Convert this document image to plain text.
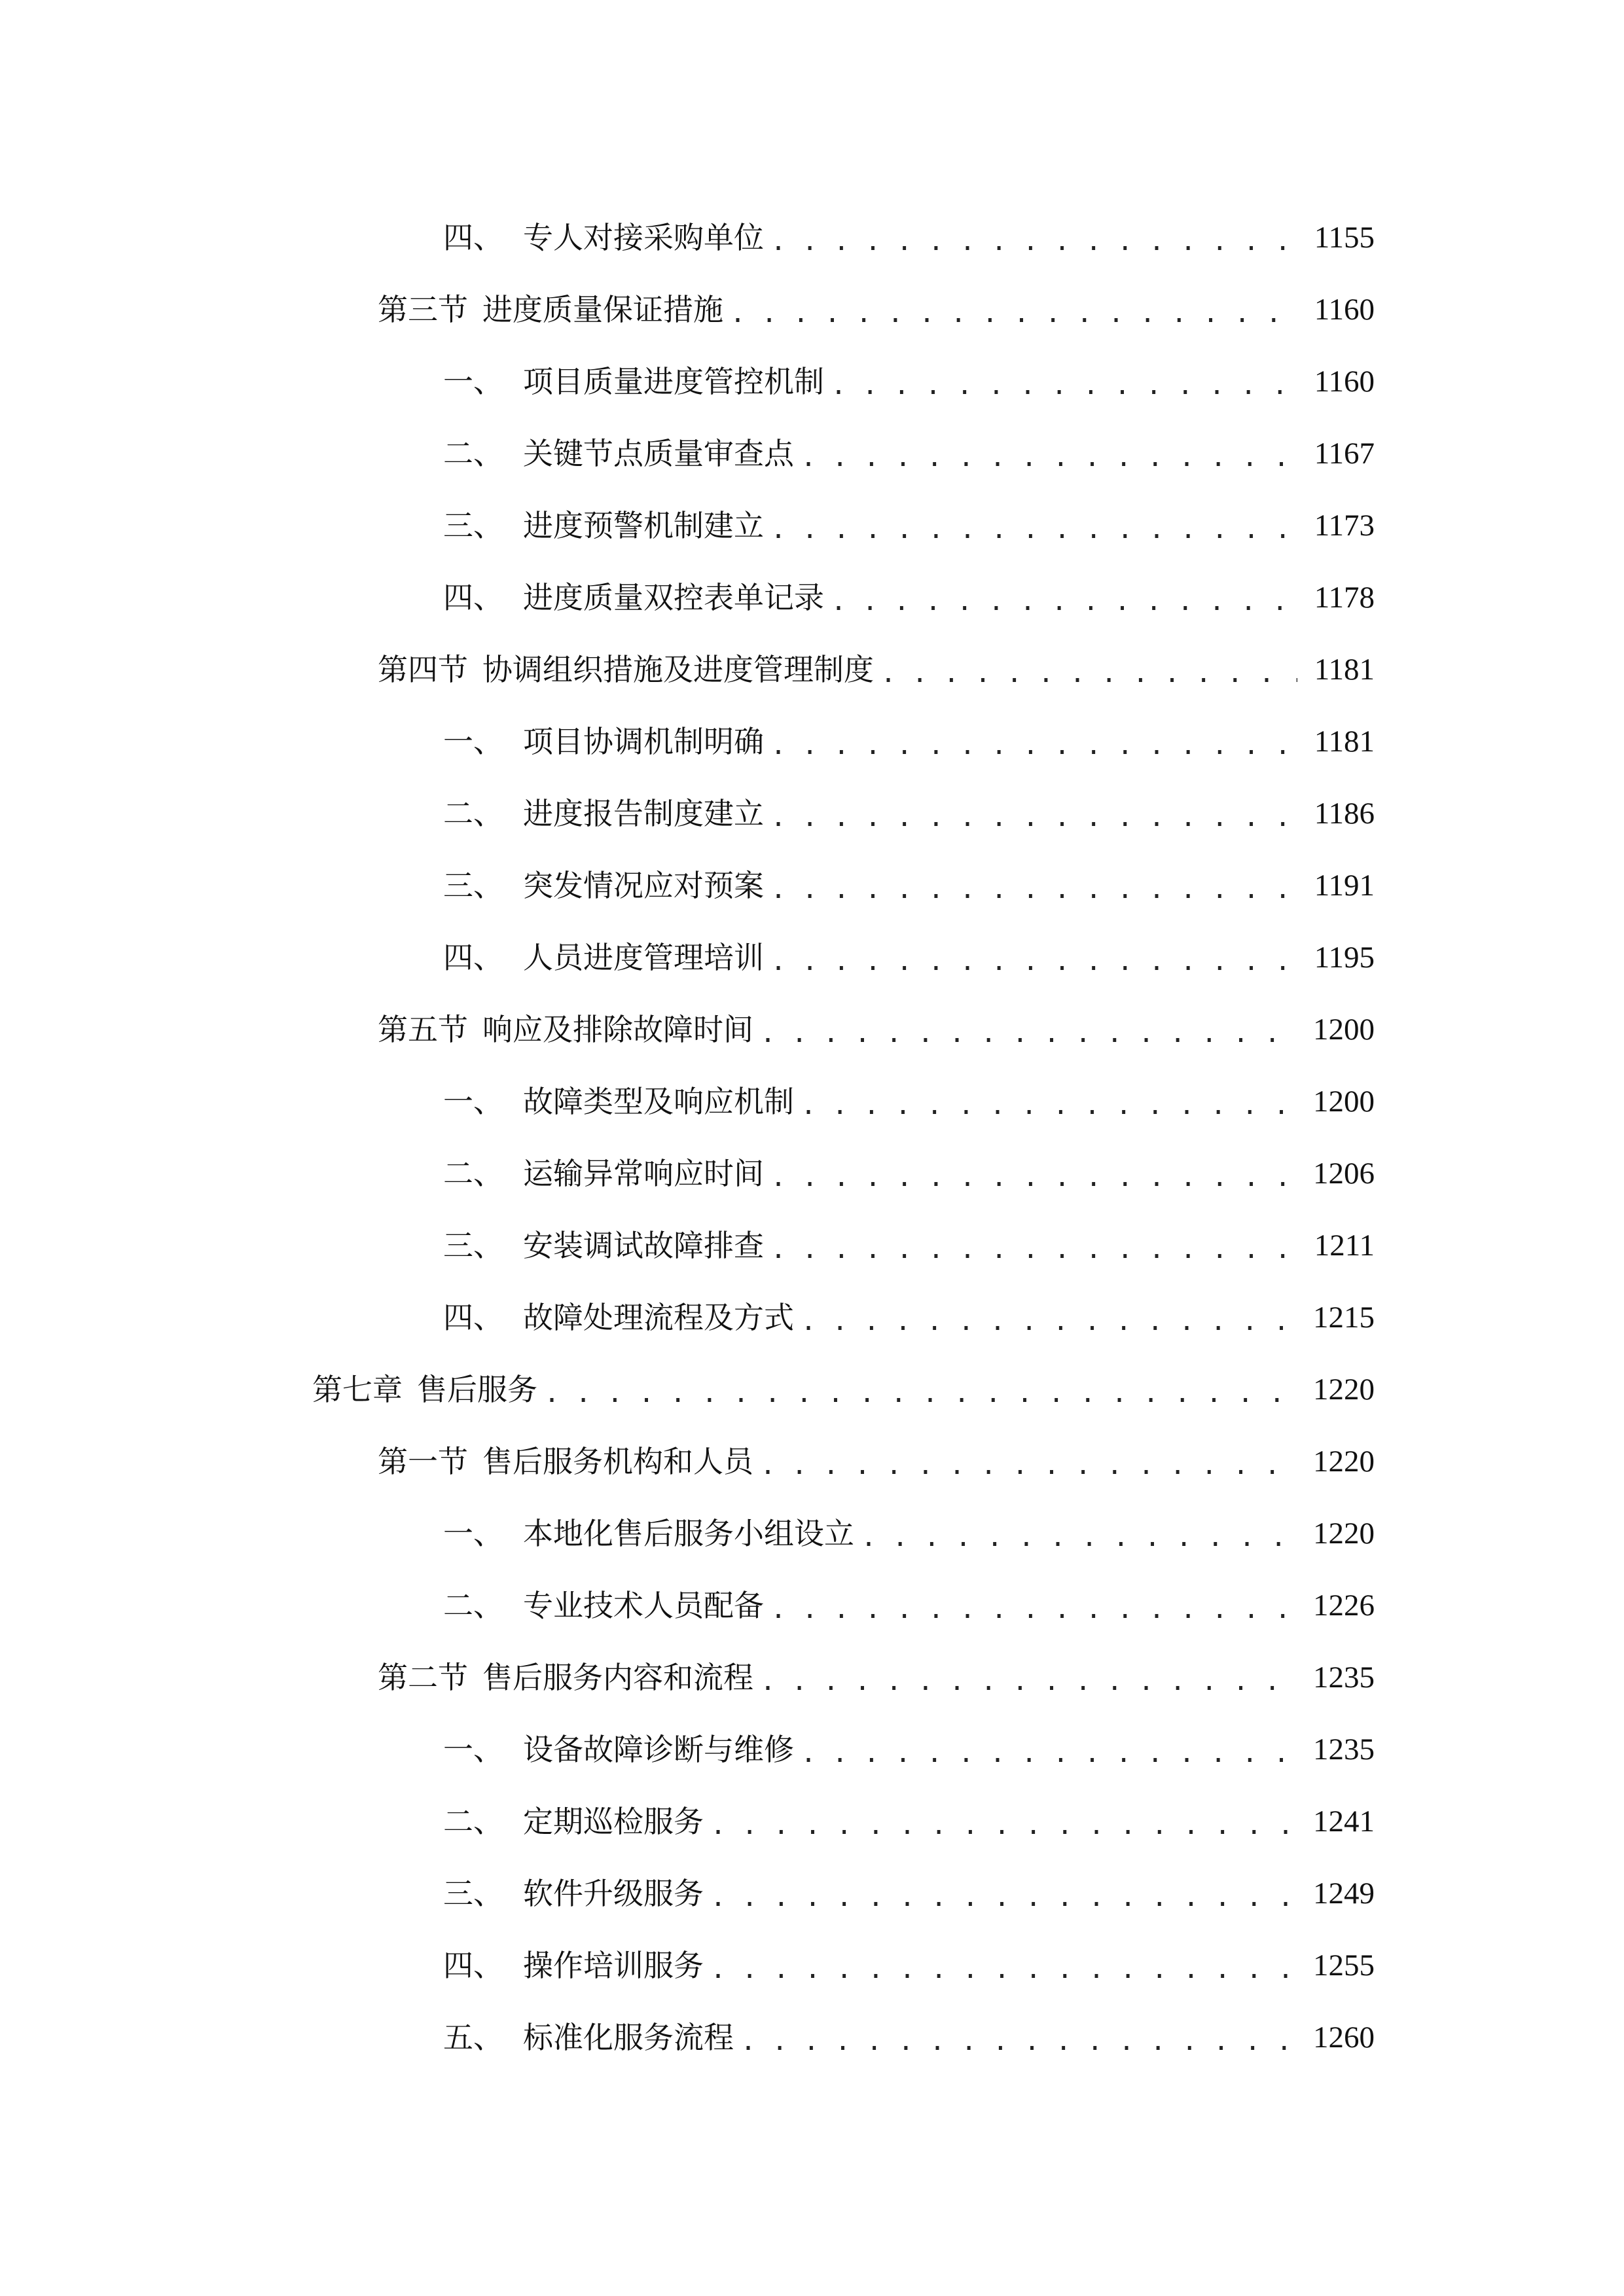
四、 专人对接采购单位 . . .	1155
第三节 进度质量保证措施 . . .	1160
一、 项目质量进度管控机制 . . .	1160
二、 关键节点质量审查点 . . .	1167
三、 进度预警机制建立 . . .	1173
四、 进度质量双控表单记录 . . .	1178
第四节 协调组织措施及进度管理制度 . . .	1181
一、 项目协调机制明确 . . .	1181
二、 进度报告制度建立 . . .	1186
三、 突发情况应对预案 . . .	1191
四、 人员进度管理培训 . . .	1195
第五节 响应及排除故障时间 . . .	1200
一、 故障类型及响应机制 . . .	1200
二、 运输异常响应时间 . . .	1206
三、 安装调试故障排查 . . .	1211
四、 故障处理流程及方式 . . .	1215
第七章 售后服务 . . .	1220
第一节 售后服务机构和人员 . . .	1220
一、 本地化售后服务小组设立 . . .	1220
二、 专业技术人员配备 . . .	1226
第二节 售后服务内容和流程 . . .	1235
一、 设备故障诊断与维修 . . .	1235
二、 定期巡检服务 . . .	1241
三、 软件升级服务 . . .	1249
四、 操作培训服务 . . .	1255
五、 标准化服务流程 . . .	1260
